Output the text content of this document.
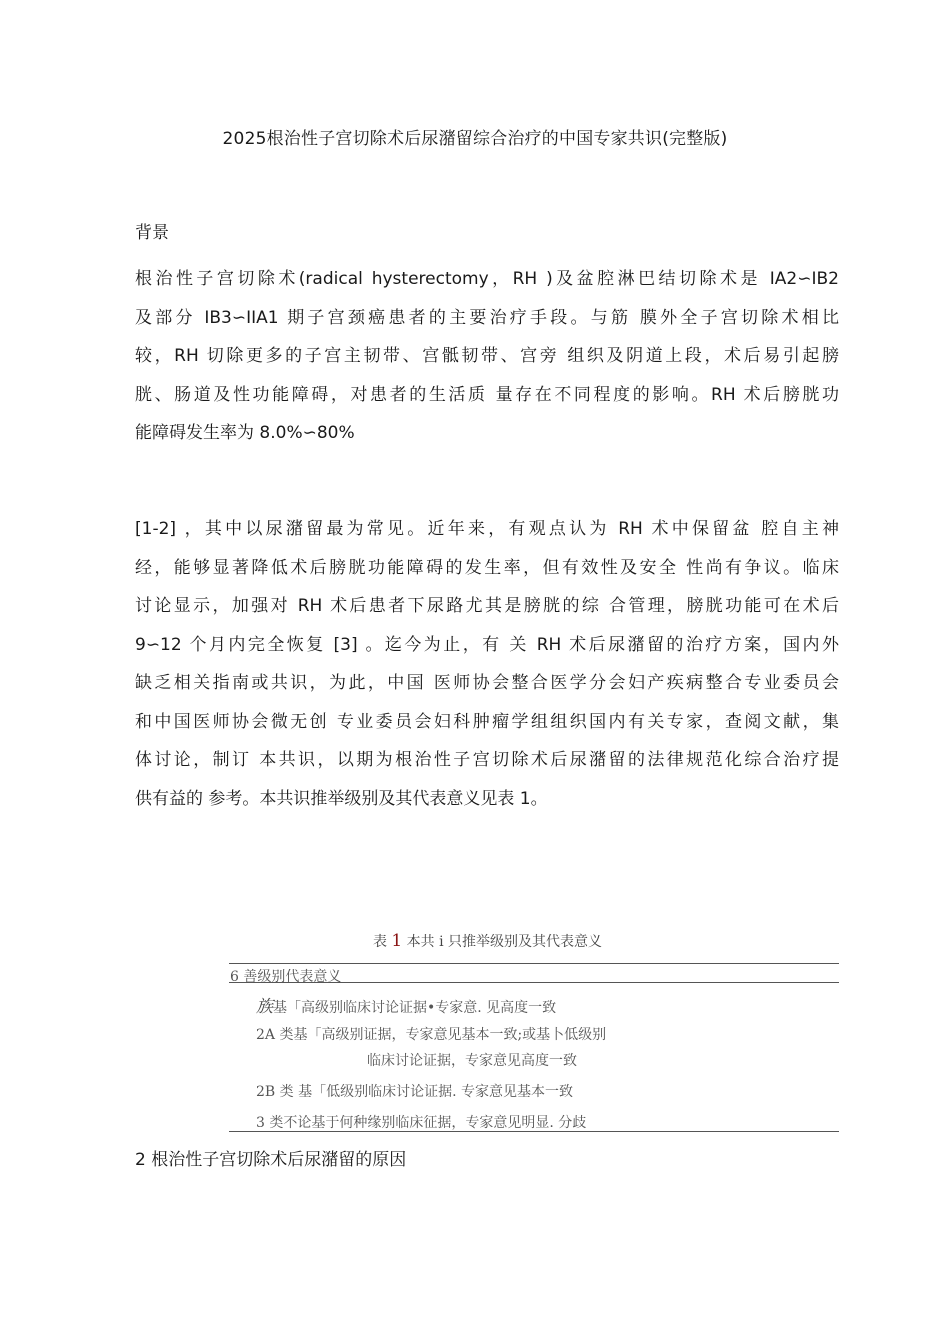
2025根治性子宫切除术后尿潴留综合治疗的中国专家共识(完整版)
背景

根治性子宫切除术(radical hysterectomy，RH )及盆腔淋巴结切除术是 IA2∽IB2
及部分 IB3∽IIA1 期子宫颈癌患者的主要治疗手段。与筋 膜外全子宫切除术相比
较，RH 切除更多的子宫主韧带、宫骶韧带、宫旁 组织及阴道上段，术后易引起膀
胱、肠道及性功能障碍，对患者的生活质 量存在不同程度的影响。RH 术后膀胱功
能障碍发生率为 8.0%∽80%

[1-2] ，其中以尿潴留最为常见。近年来，有观点认为 RH 术中保留盆 腔自主神
经，能够显著降低术后膀胱功能障碍的发生率，但有效性及安全 性尚有争议。临床
讨论显示，加强对 RH 术后患者下尿路尤其是膀胱的综 合管理，膀胱功能可在术后
9∽12 个月内完全恢复 [3] 。迄今为止，有 关 RH 术后尿潴留的治疗方案，国内外
缺乏相关指南或共识，为此，中国 医师协会整合医学分会妇产疾病整合专业委员会
和中国医师协会微无创 专业委员会妇科肿瘤学组组织国内有关专家，查阅文献，集
体讨论，制订 本共识，以期为根治性子宫切除术后尿潴留的法律规范化综合治疗提
供有益的 参考。本共识推举级别及其代表意义见表 1。

表 1 本共 i 只推举级别及其代表意义
6 善级别代表意义
族基「高级别临床讨论证据•专家意. 见高度一致
2A 类基「高级别证据，专家意见基本一致;或基卜低级别
临床讨论证据，专家意见高度一致
2B 类 基「低级别临床讨论证据. 专家意见基本一致
3 类不论基于何种缘别临床征据，专家意见明显. 分歧
2 根治性子宫切除术后尿潴留的原因
